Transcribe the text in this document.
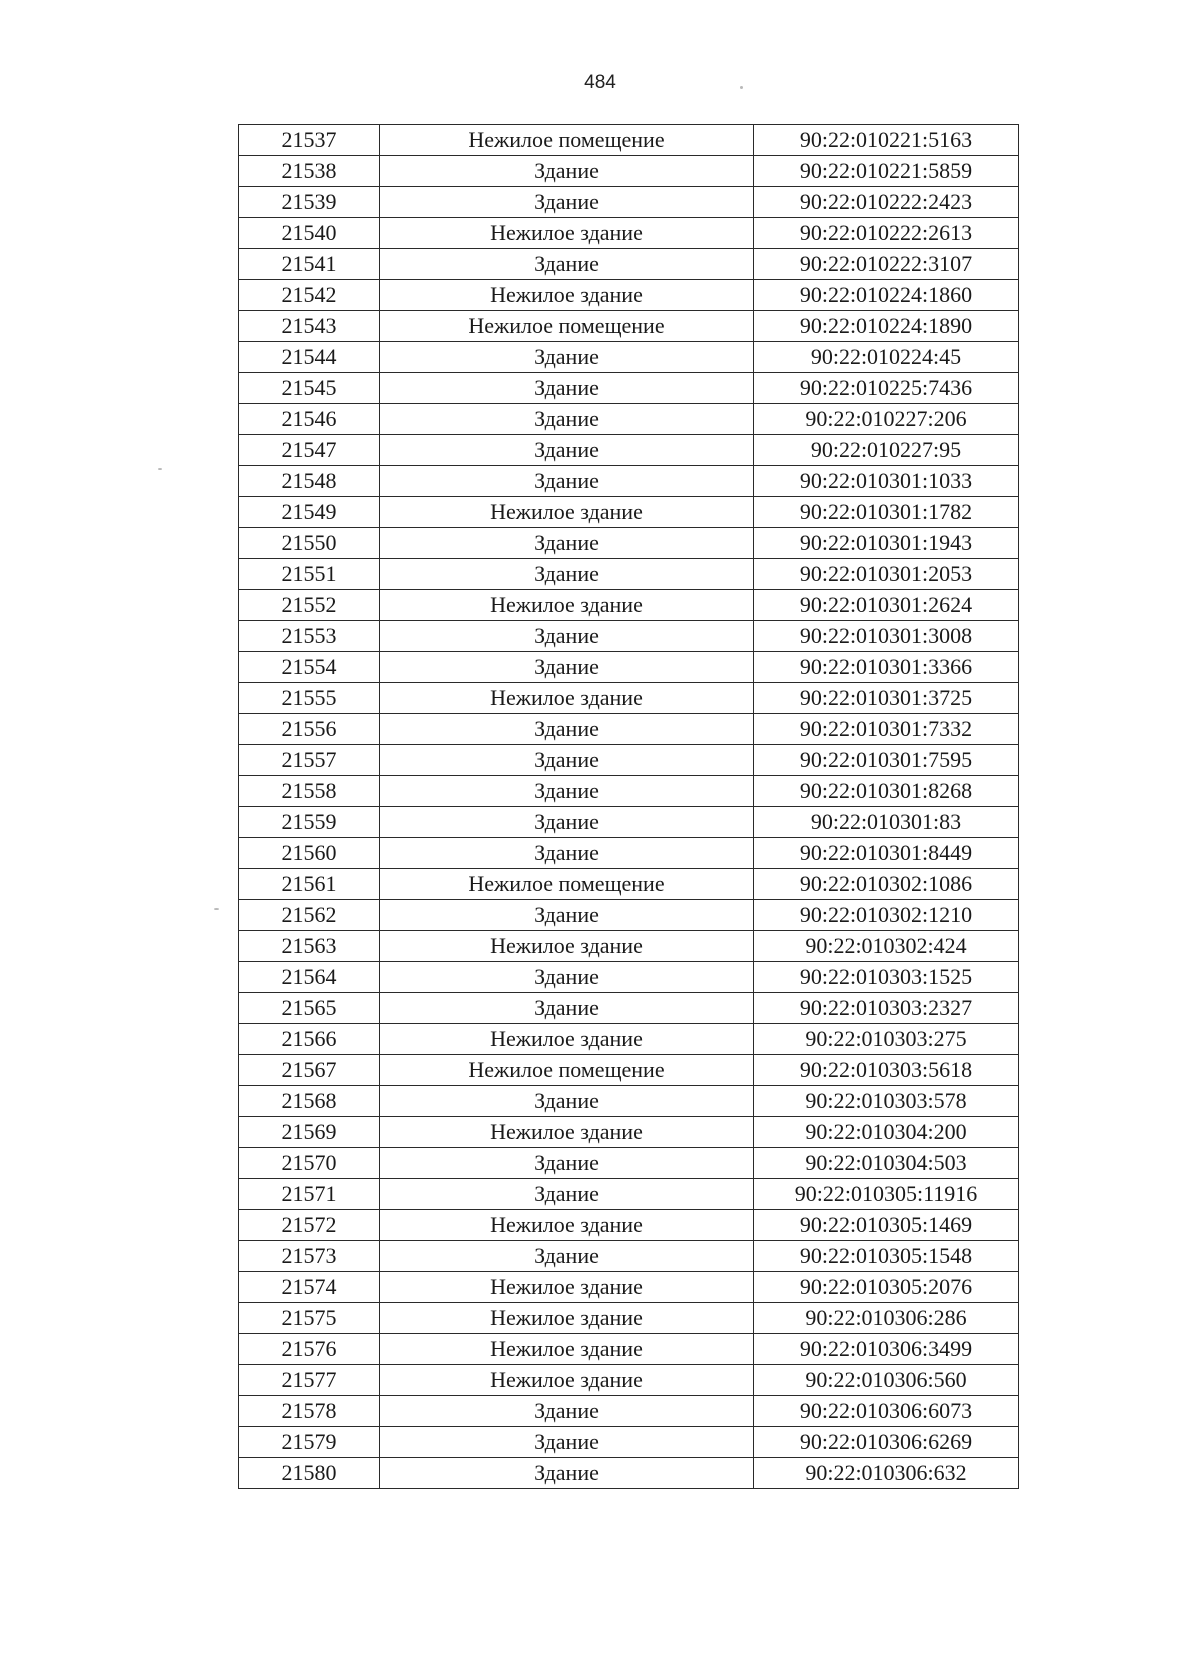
484
21537	Нежилое помещение	90:22:010221:5163
21538	Здание	90:22:010221:5859
21539	Здание	90:22:010222:2423
21540	Нежилое здание	90:22:010222:2613
21541	Здание	90:22:010222:3107
21542	Нежилое здание	90:22:010224:1860
21543	Нежилое помещение	90:22:010224:1890
21544	Здание	90:22:010224:45
21545	Здание	90:22:010225:7436
21546	Здание	90:22:010227:206
21547	Здание	90:22:010227:95
21548	Здание	90:22:010301:1033
21549	Нежилое здание	90:22:010301:1782
21550	Здание	90:22:010301:1943
21551	Здание	90:22:010301:2053
21552	Нежилое здание	90:22:010301:2624
21553	Здание	90:22:010301:3008
21554	Здание	90:22:010301:3366
21555	Нежилое здание	90:22:010301:3725
21556	Здание	90:22:010301:7332
21557	Здание	90:22:010301:7595
21558	Здание	90:22:010301:8268
21559	Здание	90:22:010301:83
21560	Здание	90:22:010301:8449
21561	Нежилое помещение	90:22:010302:1086
21562	Здание	90:22:010302:1210
21563	Нежилое здание	90:22:010302:424
21564	Здание	90:22:010303:1525
21565	Здание	90:22:010303:2327
21566	Нежилое здание	90:22:010303:275
21567	Нежилое помещение	90:22:010303:5618
21568	Здание	90:22:010303:578
21569	Нежилое здание	90:22:010304:200
21570	Здание	90:22:010304:503
21571	Здание	90:22:010305:11916
21572	Нежилое здание	90:22:010305:1469
21573	Здание	90:22:010305:1548
21574	Нежилое здание	90:22:010305:2076
21575	Нежилое здание	90:22:010306:286
21576	Нежилое здание	90:22:010306:3499
21577	Нежилое здание	90:22:010306:560
21578	Здание	90:22:010306:6073
21579	Здание	90:22:010306:6269
21580	Здание	90:22:010306:632
